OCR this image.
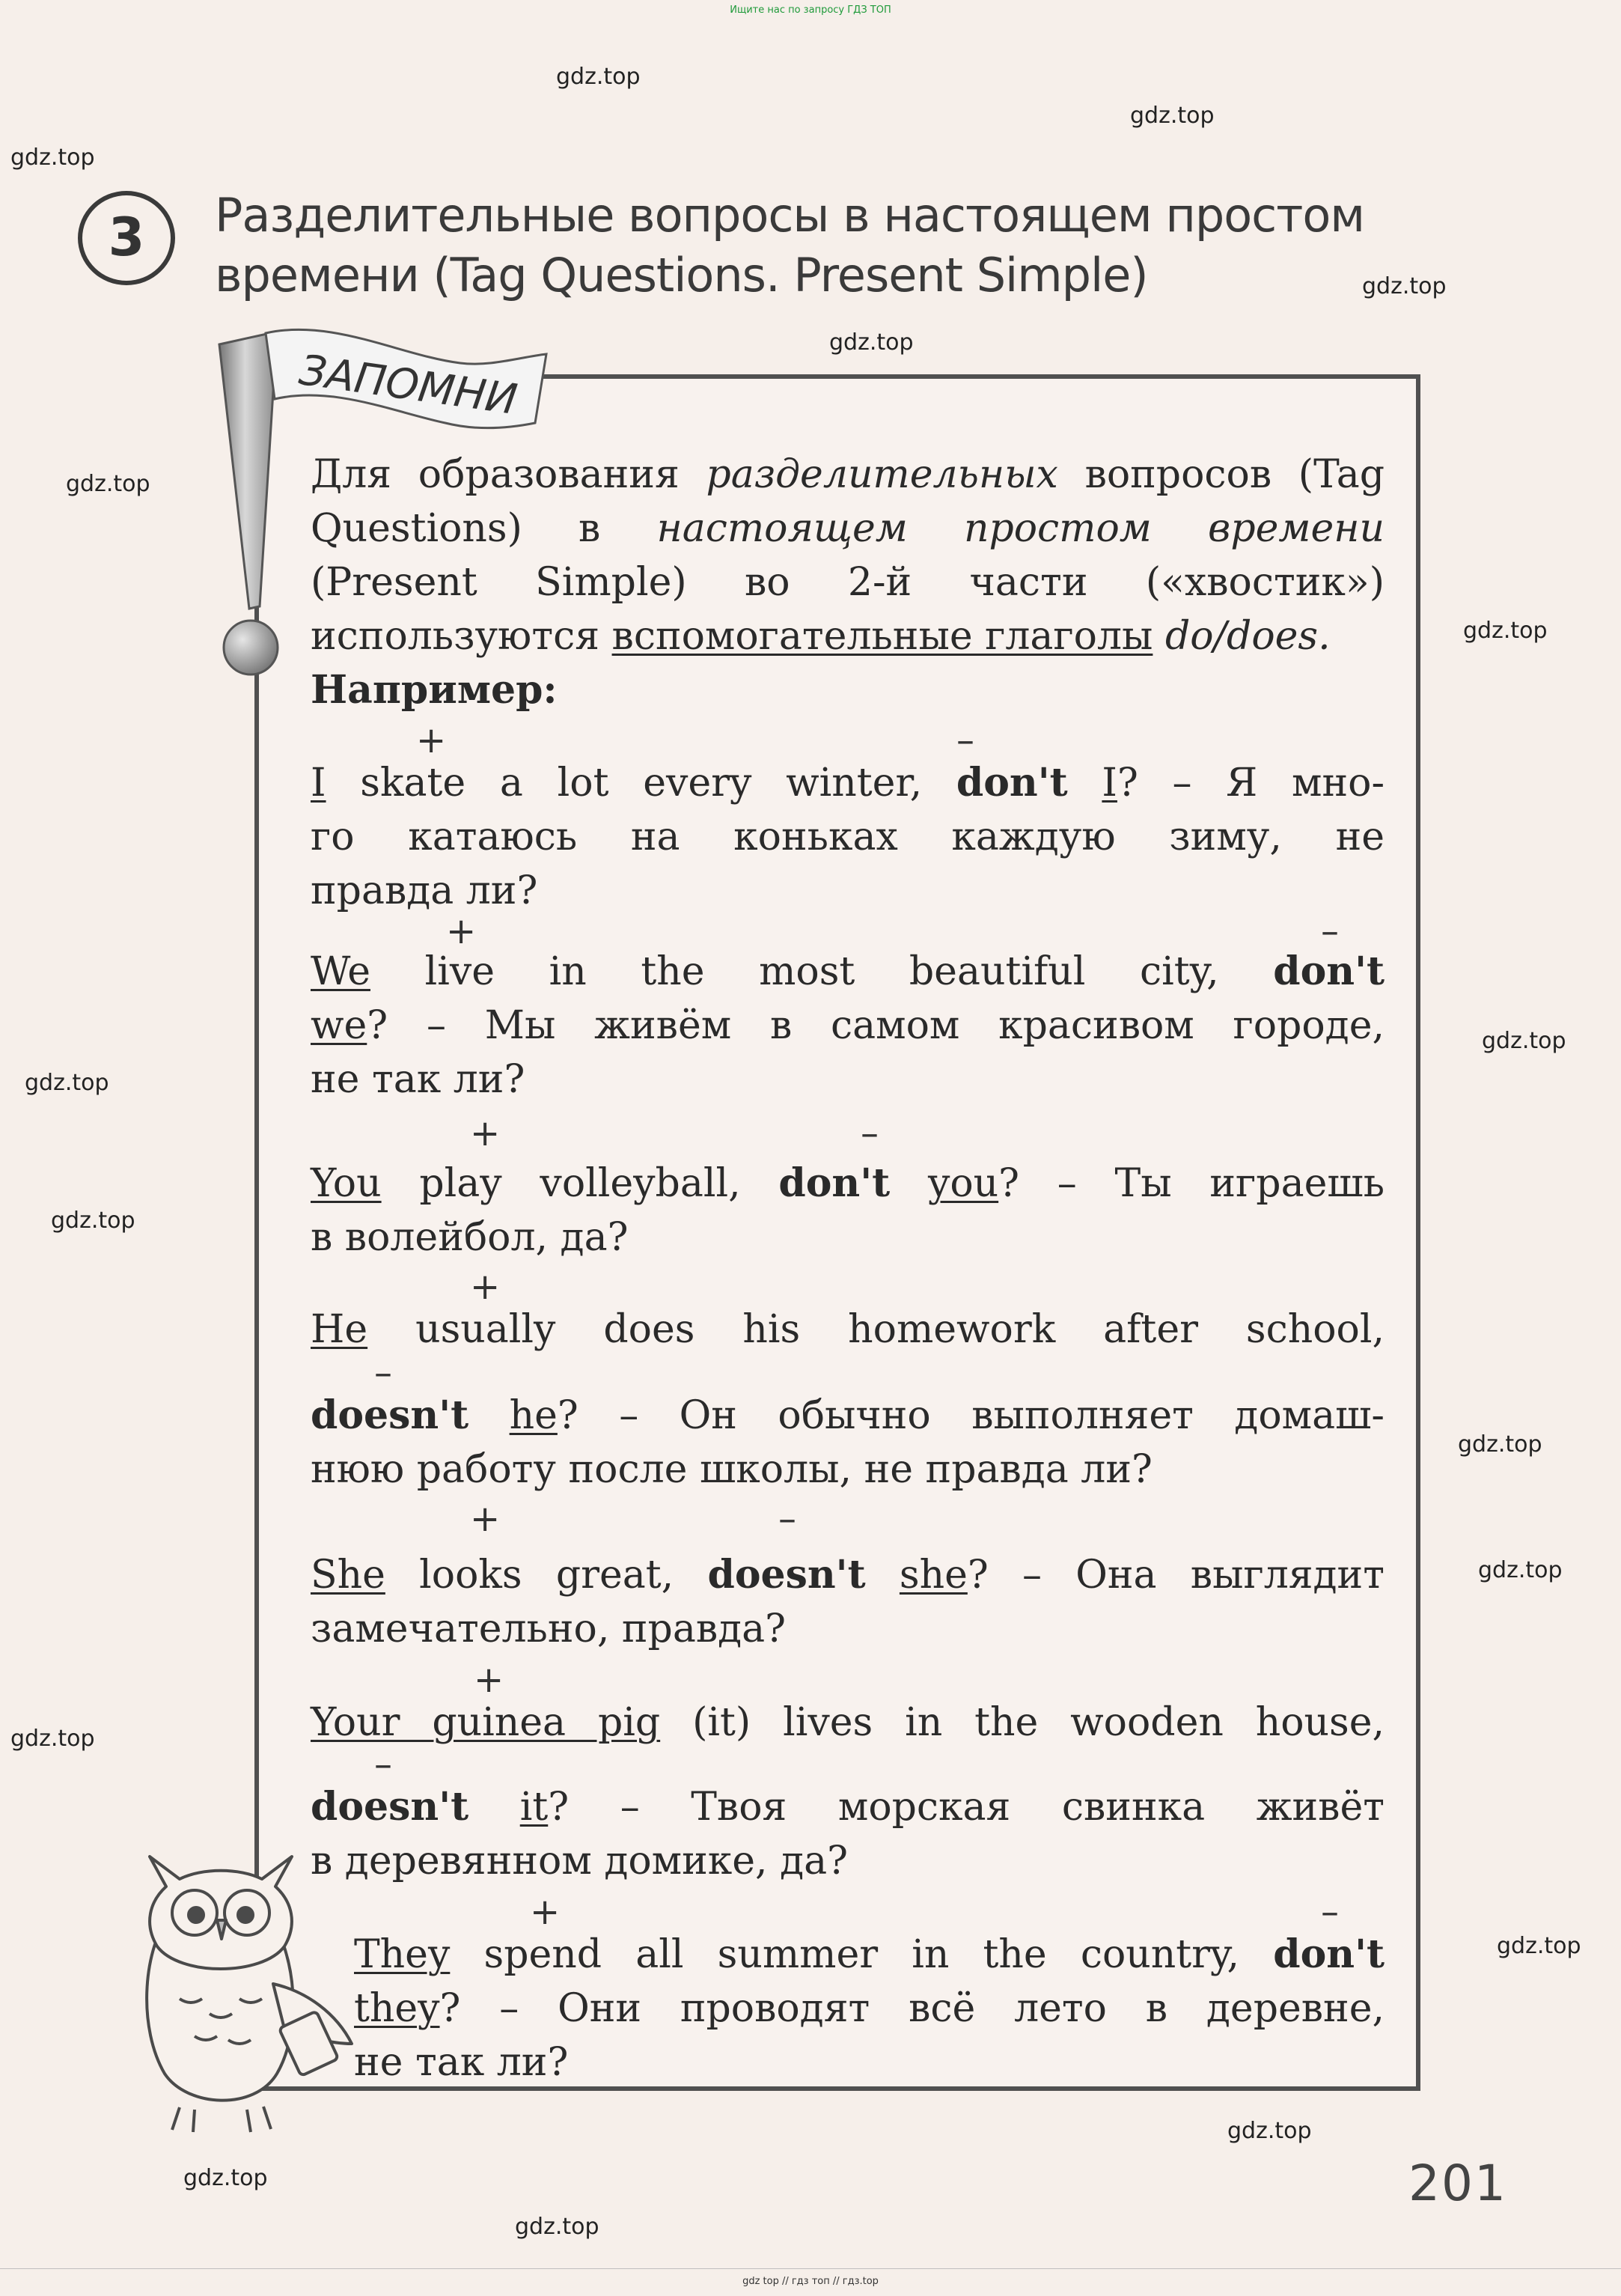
Ищите нас по запросу ГДЗ ТОП
gdz.top
gdz.top
gdz.top
gdz.top
gdz.top
gdz.top
gdz.top
gdz.top
gdz.top
gdz.top
gdz.top
gdz.top
gdz.top
gdz.top
gdz.top
gdz.top
gdz.top
3	Разделительные вопросы в настоящем простом
времени (Tag Questions. Present Simple)
ЗАПОМНИ
Для образования разделительных вопросов (Tag
Questions) в настоящем простом времени
(Present Simple) во 2-й части («хвостик»)
используются вспомогательные глаголы do/does.
Например:
+	–
I skate a lot every winter, don't I? – Я мно-
го катаюсь на коньках каждую зиму, не
правда ли?
+	–
We live in the most beautiful city, don't
we? – Мы живём в самом красивом городе,
не так ли?
+	–
You play volleyball, don't you? – Ты играешь
в волейбол, да?
+
He usually does his homework after school,
–
doesn't he? – Он обычно выполняет домаш-
нюю работу после школы, не правда ли?
+	–
She looks great, doesn't she? – Она выглядит
замечательно, правда?
+
Your guinea pig (it) lives in the wooden house,
–
doesn't it? – Твоя морская свинка живёт
в деревянном домике, да?
+	–
They spend all summer in the country, don't
they? – Они проводят всё лето в деревне,
не так ли?
201
gdz top // гдз топ // гдз.top
